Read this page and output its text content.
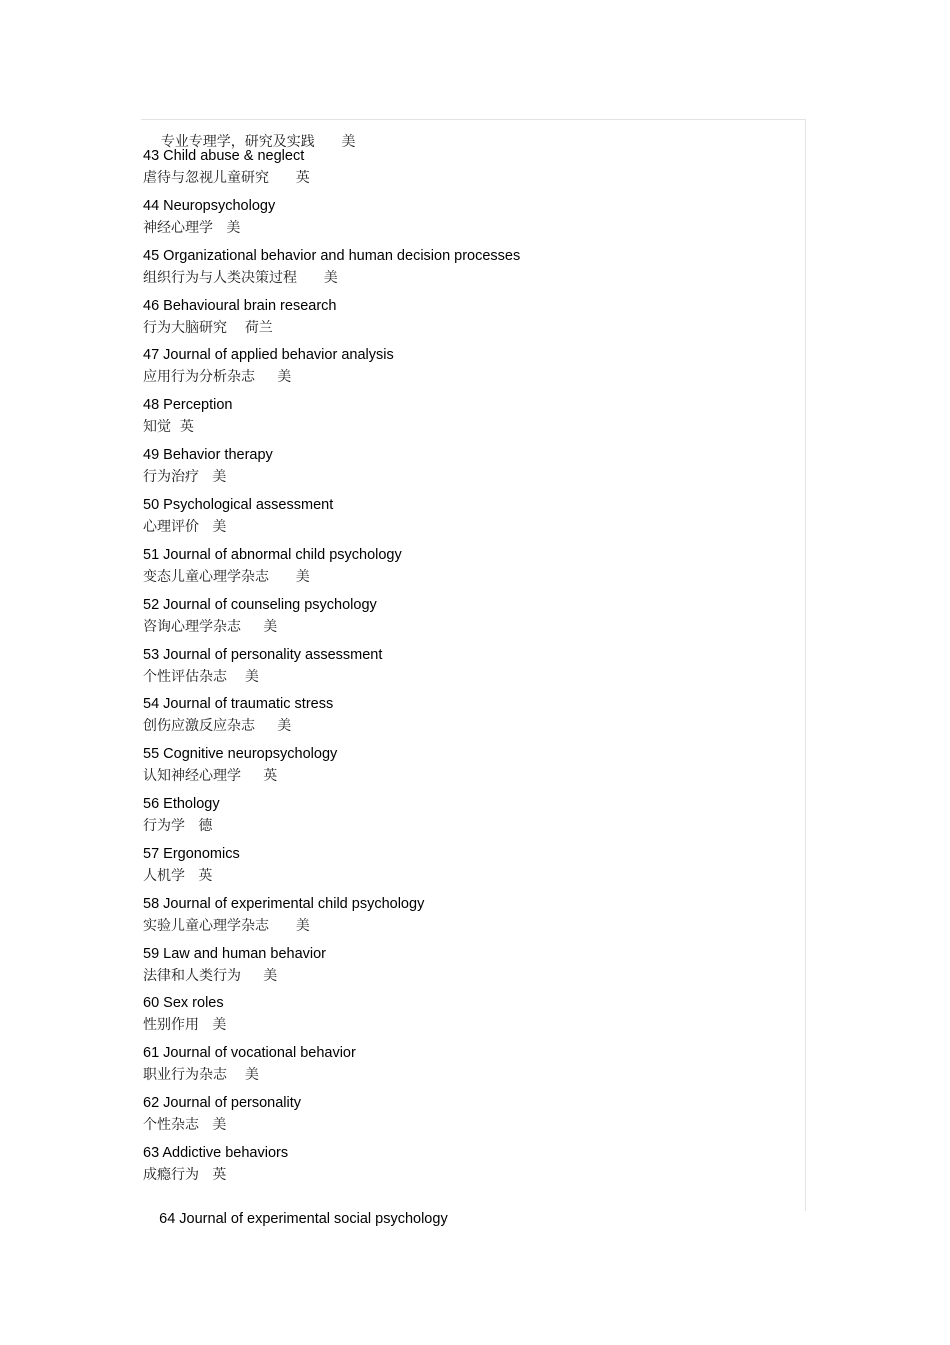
专业专理学，研究及实践 美

43 Child abuse & neglect
虐待与忽视儿童研究 英
44 Neuropsychology
神经心理学 美
45 Organizational behavior and human decision processes
组织行为与人类决策过程 美
46 Behavioural brain research
行为大脑研究 荷兰
47 Journal of applied behavior analysis
应用行为分析杂志 美
48 Perception
知觉 英
49 Behavior therapy
行为治疗 美
50 Psychological assessment
心理评价 美
51 Journal of abnormal child psychology
变态儿童心理学杂志 美
52 Journal of counseling psychology
咨询心理学杂志 美
53 Journal of personality assessment
个性评估杂志 美
54 Journal of traumatic stress
创伤应激反应杂志 美
55 Cognitive neuropsychology
认知神经心理学 英
56 Ethology
行为学 德
57 Ergonomics
人机学 英
58 Journal of experimental child psychology
实验儿童心理学杂志 美
59 Law and human behavior
法律和人类行为 美
60 Sex roles
性别作用 美
61 Journal of vocational behavior
职业行为杂志 美
62 Journal of personality
个性杂志 美
63 Addictive behaviors
成瘾行为 英

64 Journal of experimental social psychology
